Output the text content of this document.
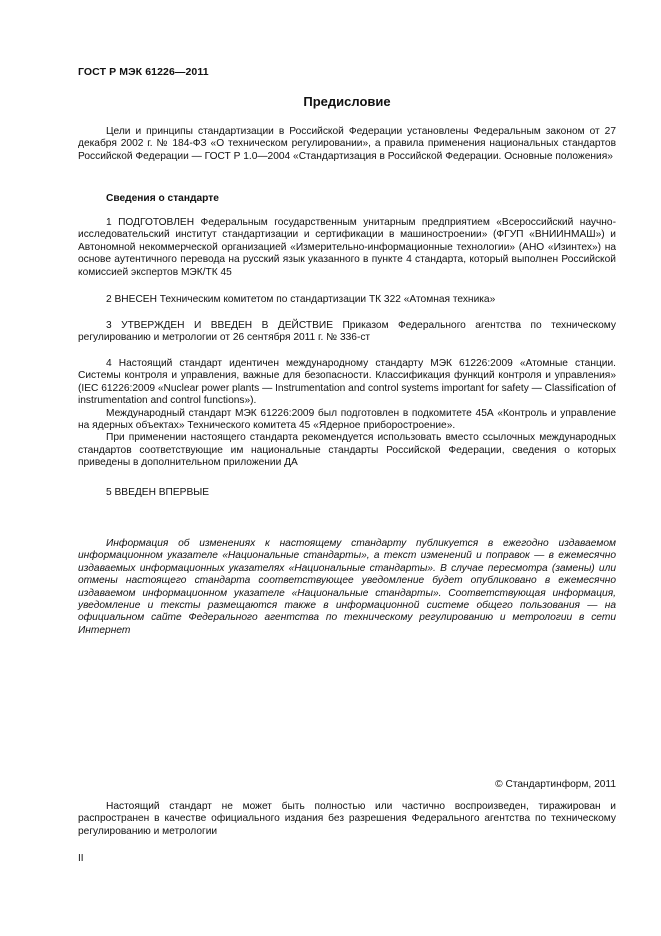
ГОСТ Р МЭК 61226—2011
Предисловие

Цели и принципы стандартизации в Российской Федерации установлены Федеральным законом от 27 декабря 2002 г. № 184-ФЗ «О техническом регулировании», а правила применения национальных стандартов Российской Федерации — ГОСТ Р 1.0—2004 «Стандартизация в Российской Федерации. Основные положения»

Сведения о стандарте

1 ПОДГОТОВЛЕН Федеральным государственным унитарным предприятием «Всероссийский научно-исследовательский институт стандартизации и сертификации в машиностроении» (ФГУП «ВНИИНМАШ») и Автономной некоммерческой организацией «Измерительно-информационные технологии» (АНО «Изинтех») на основе аутентичного перевода на русский язык указанного в пункте 4 стандарта, который выполнен Российской комиссией экспертов МЭК/ТК 45

2 ВНЕСЕН Техническим комитетом по стандартизации ТК 322 «Атомная техника»

3 УТВЕРЖДЕН И ВВЕДЕН В ДЕЙСТВИЕ Приказом Федерального агентства по техническому регулированию и метрологии от 26 сентября 2011 г. № 336-ст

4 Настоящий стандарт идентичен международному стандарту МЭК 61226:2009 «Атомные станции. Системы контроля и управления, важные для безопасности. Классификация функций контроля и управления» (IEC 61226:2009 «Nuclear power plants — Instrumentation and control systems important for safety — Classification of instrumentation and control functions»).

Международный стандарт МЭК 61226:2009 был подготовлен в подкомитете 45А «Контроль и управление на ядерных объектах» Технического комитета 45 «Ядерное приборостроение».

При применении настоящего стандарта рекомендуется использовать вместо ссылочных международных стандартов соответствующие им национальные стандарты Российской Федерации, сведения о которых приведены в дополнительном приложении ДА

5 ВВЕДЕН ВПЕРВЫЕ

Информация об изменениях к настоящему стандарту публикуется в ежегодно издаваемом информационном указателе «Национальные стандарты», а текст изменений и поправок — в ежемесячно издаваемых информационных указателях «Национальные стандарты». В случае пересмотра (замены) или отмены настоящего стандарта соответствующее уведомление будет опубликовано в ежемесячно издаваемом информационном указателе «Национальные стандарты». Соответствующая информация, уведомление и тексты размещаются также в информационной системе общего пользования — на официальном сайте Федерального агентства по техническому регулированию и метрологии в сети Интернет

© Стандартинформ, 2011

Настоящий стандарт не может быть полностью или частично воспроизведен, тиражирован и распространен в качестве официального издания без разрешения Федерального агентства по техническому регулированию и метрологии

II
